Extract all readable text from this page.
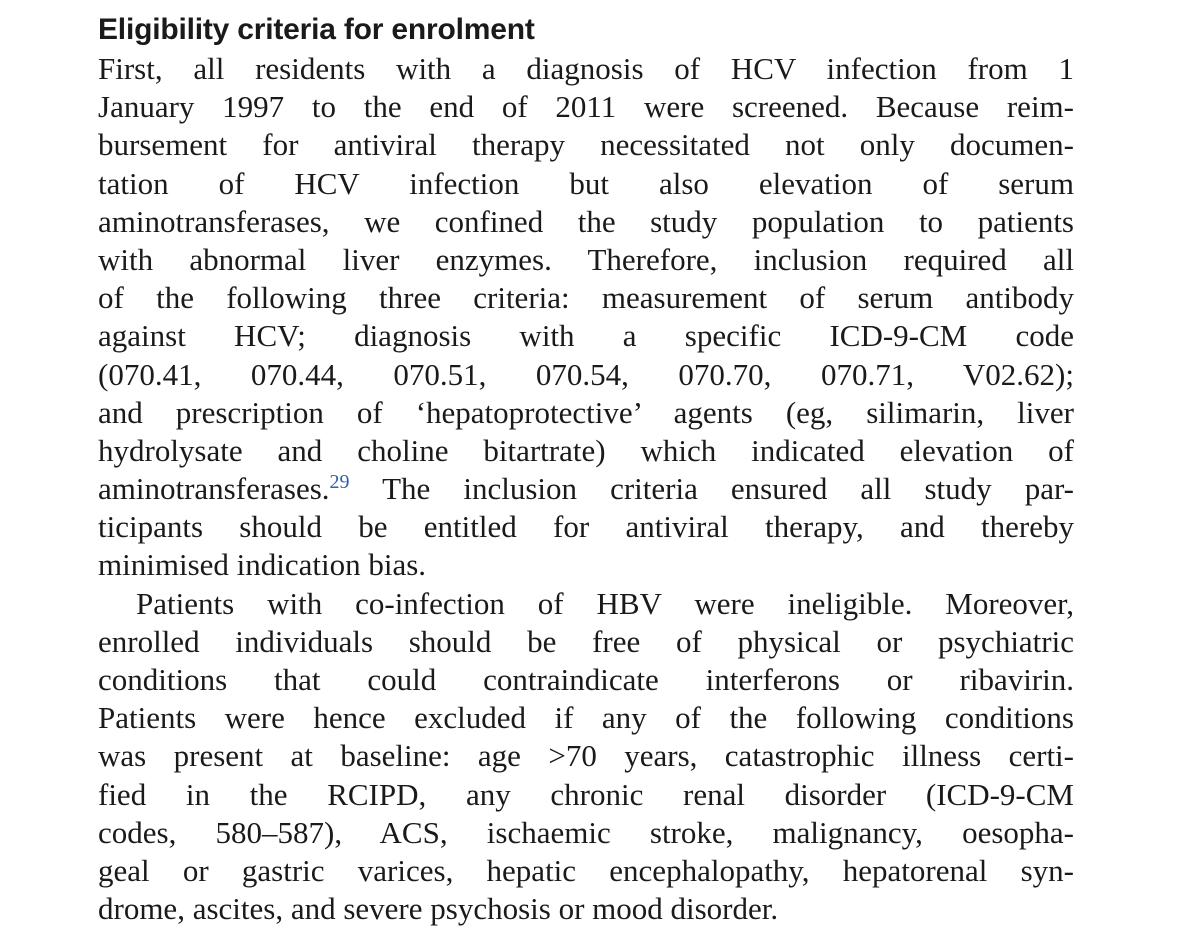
Eligibility criteria for enrolment

First, all residents with a diagnosis of HCV infection from 1
January 1997 to the end of 2011 were screened. Because reim-
bursement for antiviral therapy necessitated not only documen-
tation of HCV infection but also elevation of serum
aminotransferases, we confined the study population to patients
with abnormal liver enzymes. Therefore, inclusion required all
of the following three criteria: measurement of serum antibody
against HCV; diagnosis with a specific ICD-9-CM code
(070.41, 070.44, 070.51, 070.54, 070.70, 070.71, V02.62);
and prescription of ‘hepatoprotective’ agents (eg, silimarin, liver
hydrolysate and choline bitartrate) which indicated elevation of
aminotransferases.$^{29}$ The inclusion criteria ensured all study par-
ticipants should be entitled for antiviral therapy, and thereby
minimised indication bias.

Patients with co-infection of HBV were ineligible. Moreover,
enrolled individuals should be free of physical or psychiatric
conditions that could contraindicate interferons or ribavirin.
Patients were hence excluded if any of the following conditions
was present at baseline: age >70 years, catastrophic illness certi-
fied in the RCIPD, any chronic renal disorder (ICD-9-CM
codes, 580–587), ACS, ischaemic stroke, malignancy, oesopha-
geal or gastric varices, hepatic encephalopathy, hepatorenal syn-
drome, ascites, and severe psychosis or mood disorder.
